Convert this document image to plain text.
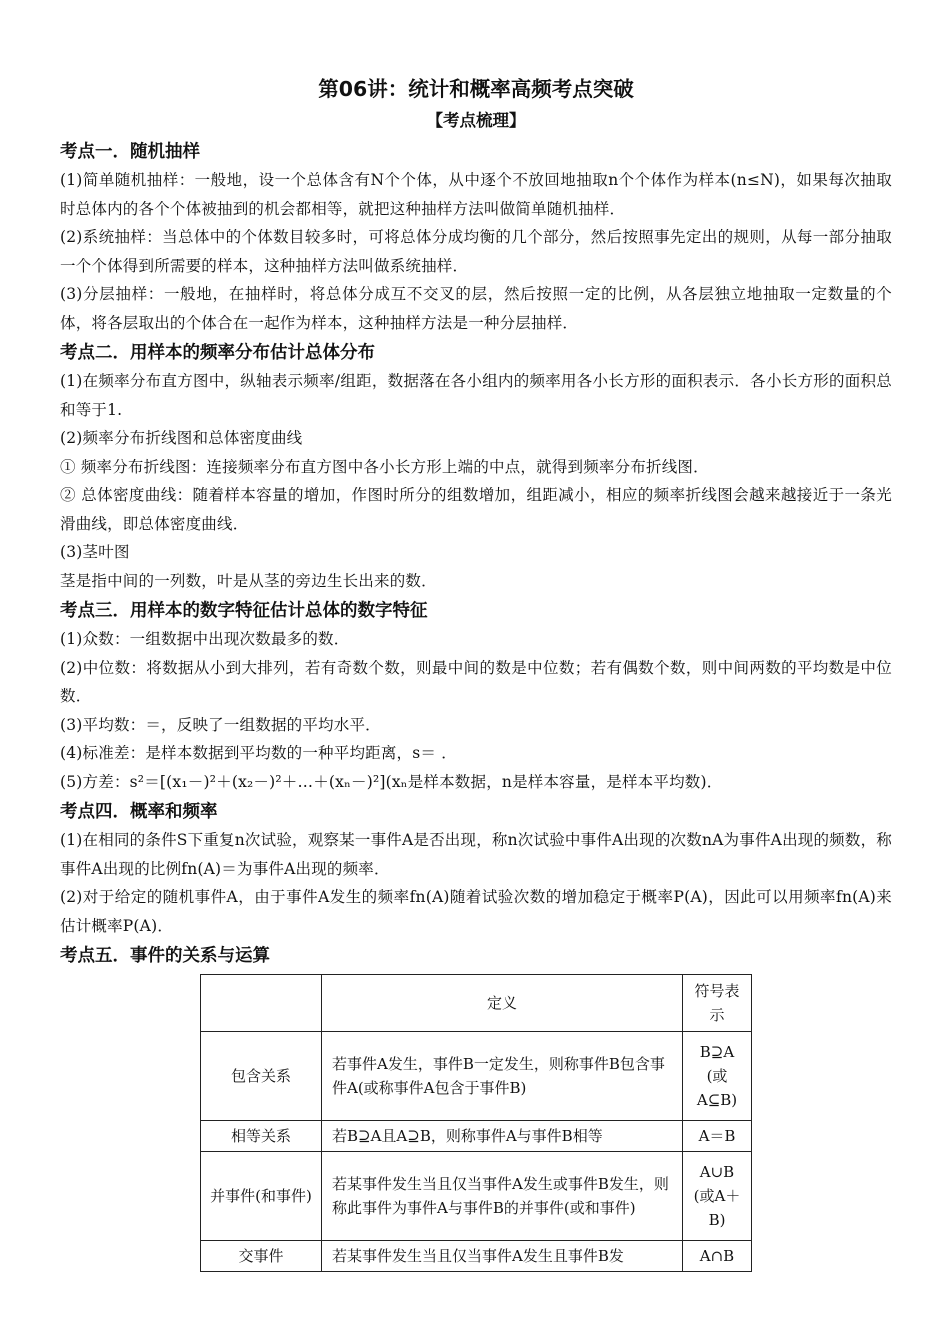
第06讲：统计和概率高频考点突破
【考点梳理】
考点一．随机抽样

(1)简单随机抽样：一般地，设一个总体含有N个个体，从中逐个不放回地抽取n个个体作为样本(n≤N)，如果每次抽取时总体内的各个个体被抽到的机会都相等，就把这种抽样方法叫做简单随机抽样．

(2)系统抽样：当总体中的个体数目较多时，可将总体分成均衡的几个部分，然后按照事先定出的规则，从每一部分抽取一个个体得到所需要的样本，这种抽样方法叫做系统抽样．

(3)分层抽样：一般地，在抽样时，将总体分成互不交叉的层，然后按照一定的比例，从各层独立地抽取一定数量的个体，将各层取出的个体合在一起作为样本，这种抽样方法是一种分层抽样．

考点二．用样本的频率分布估计总体分布

(1)在频率分布直方图中，纵轴表示频率/组距，数据落在各小组内的频率用各小长方形的面积表示．各小长方形的面积总和等于1.

(2)频率分布折线图和总体密度曲线

① 频率分布折线图：连接频率分布直方图中各小长方形上端的中点，就得到频率分布折线图．

② 总体密度曲线：随着样本容量的增加，作图时所分的组数增加，组距减小，相应的频率折线图会越来越接近于一条光滑曲线，即总体密度曲线．

(3)茎叶图

茎是指中间的一列数，叶是从茎的旁边生长出来的数．

考点三．用样本的数字特征估计总体的数字特征

(1)众数：一组数据中出现次数最多的数．

(2)中位数：将数据从小到大排列，若有奇数个数，则最中间的数是中位数；若有偶数个数，则中间两数的平均数是中位数．

(3)平均数：＝，反映了一组数据的平均水平．

(4)标准差：是样本数据到平均数的一种平均距离，s＝ ．

(5)方差：s²＝[(x₁－)²＋(x₂－)²＋…＋(xₙ－)²](xₙ是样本数据，n是样本容量，是样本平均数)．

考点四．概率和频率

(1)在相同的条件S下重复n次试验，观察某一事件A是否出现，称n次试验中事件A出现的次数nA为事件A出现的频数，称事件A出现的比例fn(A)＝为事件A出现的频率．

(2)对于给定的随机事件A，由于事件A发生的频率fn(A)随着试验次数的增加稳定于概率P(A)，因此可以用频率fn(A)来估计概率P(A)．

考点五．事件的关系与运算
	定义	符号表示
包含关系	若事件A发生，事件B一定发生，则称事件B包含事件A(或称事件A包含于事件B)	B⊇A (或A⊆B)
相等关系	若B⊇A且A⊇B，则称事件A与事件B相等	A＝B
并事件(和事件)	若某事件发生当且仅当事件A发生或事件B发生，则称此事件为事件A与事件B的并事件(或和事件)	A∪B (或A＋B)
交事件	若某事件发生当且仅当事件A发生且事件B发	A∩B
